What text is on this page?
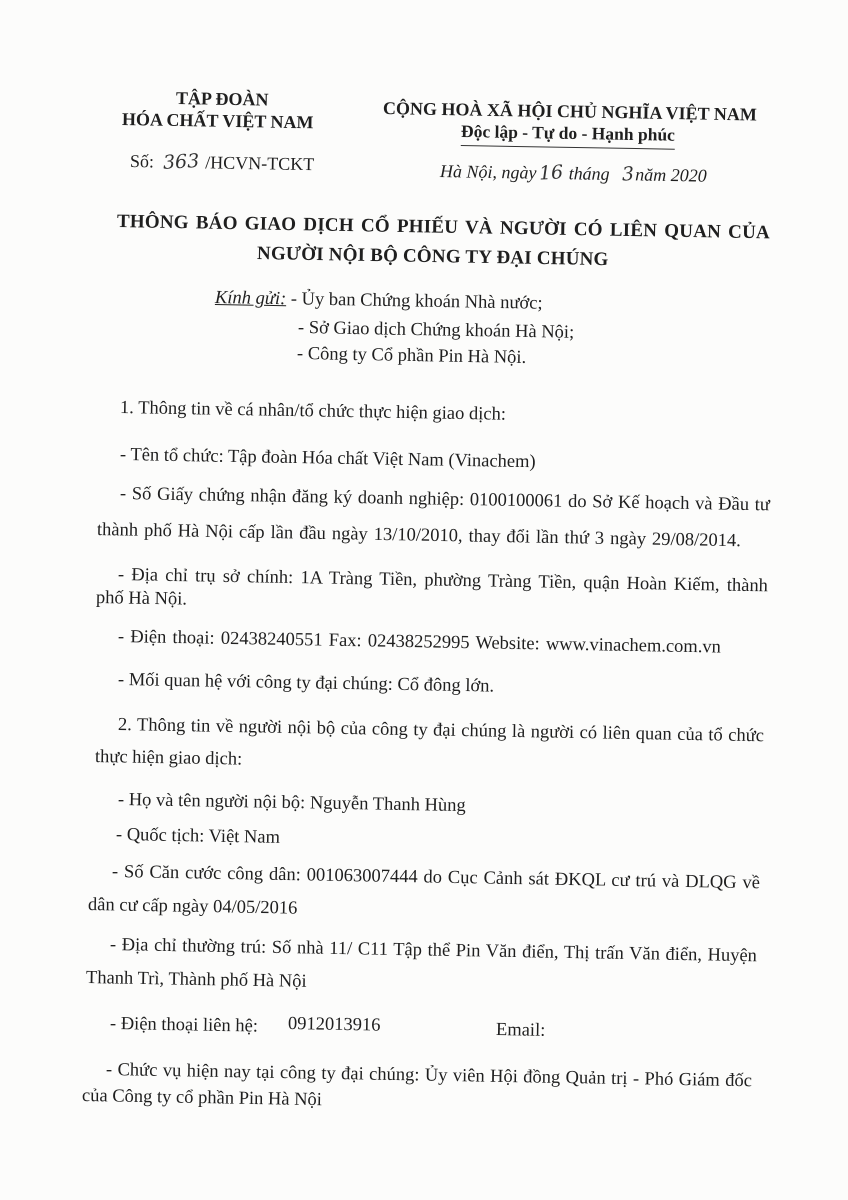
TẬP ĐOÀN
HÓA CHẤT VIỆT NAM
Số: 363 /HCVN-TCKT
CỘNG HOÀ XÃ HỘI CHỦ NGHĨA VIỆT NAM
Độc lập - Tự do - Hạnh phúc
Hà Nội, ngày16 tháng 3năm 2020
THÔNG BÁO GIAO DỊCH CỔ PHIẾU VÀ NGƯỜI CÓ LIÊN QUAN CỦA
NGƯỜI NỘI BỘ CÔNG TY ĐẠI CHÚNG
Kính gửi: - Ủy ban Chứng khoán Nhà nước;
- Sở Giao dịch Chứng khoán Hà Nội;
- Công ty Cổ phần Pin Hà Nội.
1. Thông tin về cá nhân/tổ chức thực hiện giao dịch:
- Tên tổ chức: Tập đoàn Hóa chất Việt Nam (Vinachem)
- Số Giấy chứng nhận đăng ký doanh nghiệp: 0100100061 do Sở Kế hoạch và Đầu tư
thành phố Hà Nội cấp lần đầu ngày 13/10/2010, thay đổi lần thứ 3 ngày 29/08/2014.
- Địa chỉ trụ sở chính: 1A Tràng Tiền, phường Tràng Tiền, quận Hoàn Kiếm, thành
phố Hà Nội.
- Điện thoại: 02438240551 Fax: 02438252995 Website: www.vinachem.com.vn
- Mối quan hệ với công ty đại chúng: Cổ đông lớn.
2. Thông tin về người nội bộ của công ty đại chúng là người có liên quan của tổ chức
thực hiện giao dịch:
- Họ và tên người nội bộ: Nguyễn Thanh Hùng
- Quốc tịch: Việt Nam
- Số Căn cước công dân: 001063007444 do Cục Cảnh sát ĐKQL cư trú và DLQG về
dân cư cấp ngày 04/05/2016
- Địa chỉ thường trú: Số nhà 11/ C11 Tập thể Pin Văn điển, Thị trấn Văn điển, Huyện
Thanh Trì, Thành phố Hà Nội
- Điện thoại liên hệ: 0912013916	Email:
- Chức vụ hiện nay tại công ty đại chúng: Ủy viên Hội đồng Quản trị - Phó Giám đốc
của Công ty cổ phần Pin Hà Nội
